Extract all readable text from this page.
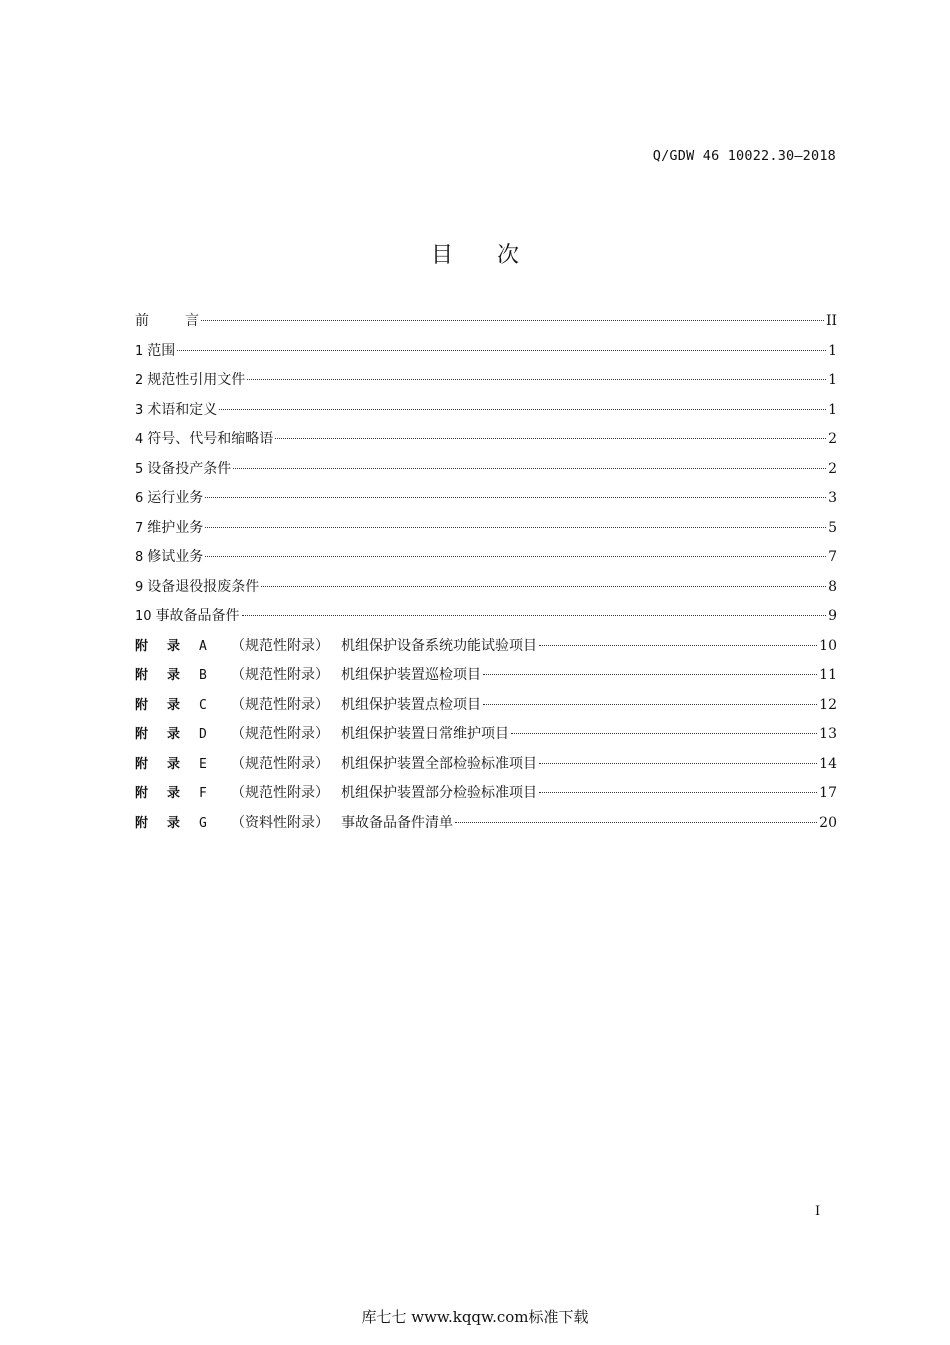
Q/GDW 46 10022.30—2018
目次
前	言	II
1 范围	1
2 规范性引用文件	1
3 术语和定义	1
4 符号、代号和缩略语	2
5 设备投产条件	2
6 运行业务	3
7 维护业务	5
8 修试业务	7
9 设备退役报废条件	8
10 事故备品备件	9
附	录	A	（规范性附录） 机组保护设备系统功能试验项目	10
附	录	B	（规范性附录） 机组保护装置巡检项目	11
附	录	C	（规范性附录） 机组保护装置点检项目	12
附	录	D	（规范性附录） 机组保护装置日常维护项目	13
附	录	E	（规范性附录） 机组保护装置全部检验标准项目	14
附	录	F	（规范性附录） 机组保护装置部分检验标准项目	17
附	录	G	（资料性附录） 事故备品备件清单	20
I
库七七 www.kqqw.com标准下载
